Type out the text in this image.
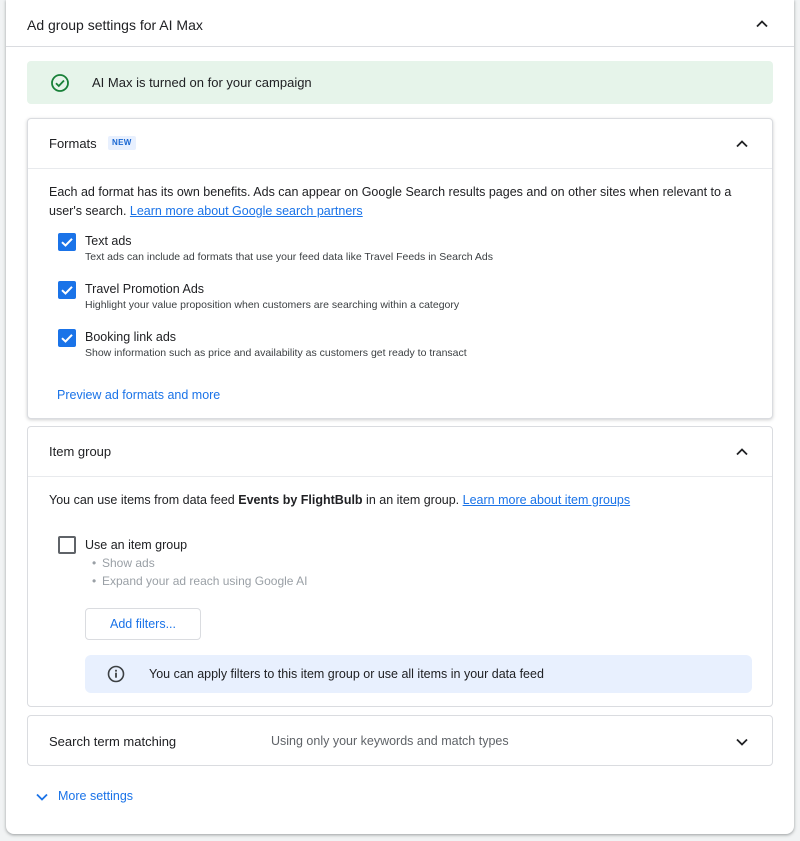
Ad group settings for AI Max
AI Max is turned on for your campaign
Formats	NEW
Each ad format has its own benefits. Ads can appear on Google Search results pages and on other sites when relevant to a user's search. Learn more about Google search partners
Text ads
Text ads can include ad formats that use your feed data like Travel Feeds in Search Ads
Travel Promotion Ads
Highlight your value proposition when customers are searching within a category
Booking link ads
Show information such as price and availability as customers get ready to transact
Preview ad formats and more
Item group
You can use items from data feed Events by FlightBulb in an item group. Learn more about item groups
Use an item group
• Show ads
• Expand your ad reach using Google AI
Add filters...
You can apply filters to this item group or use all items in your data feed
Search term matching	Using only your keywords and match types
More settings
